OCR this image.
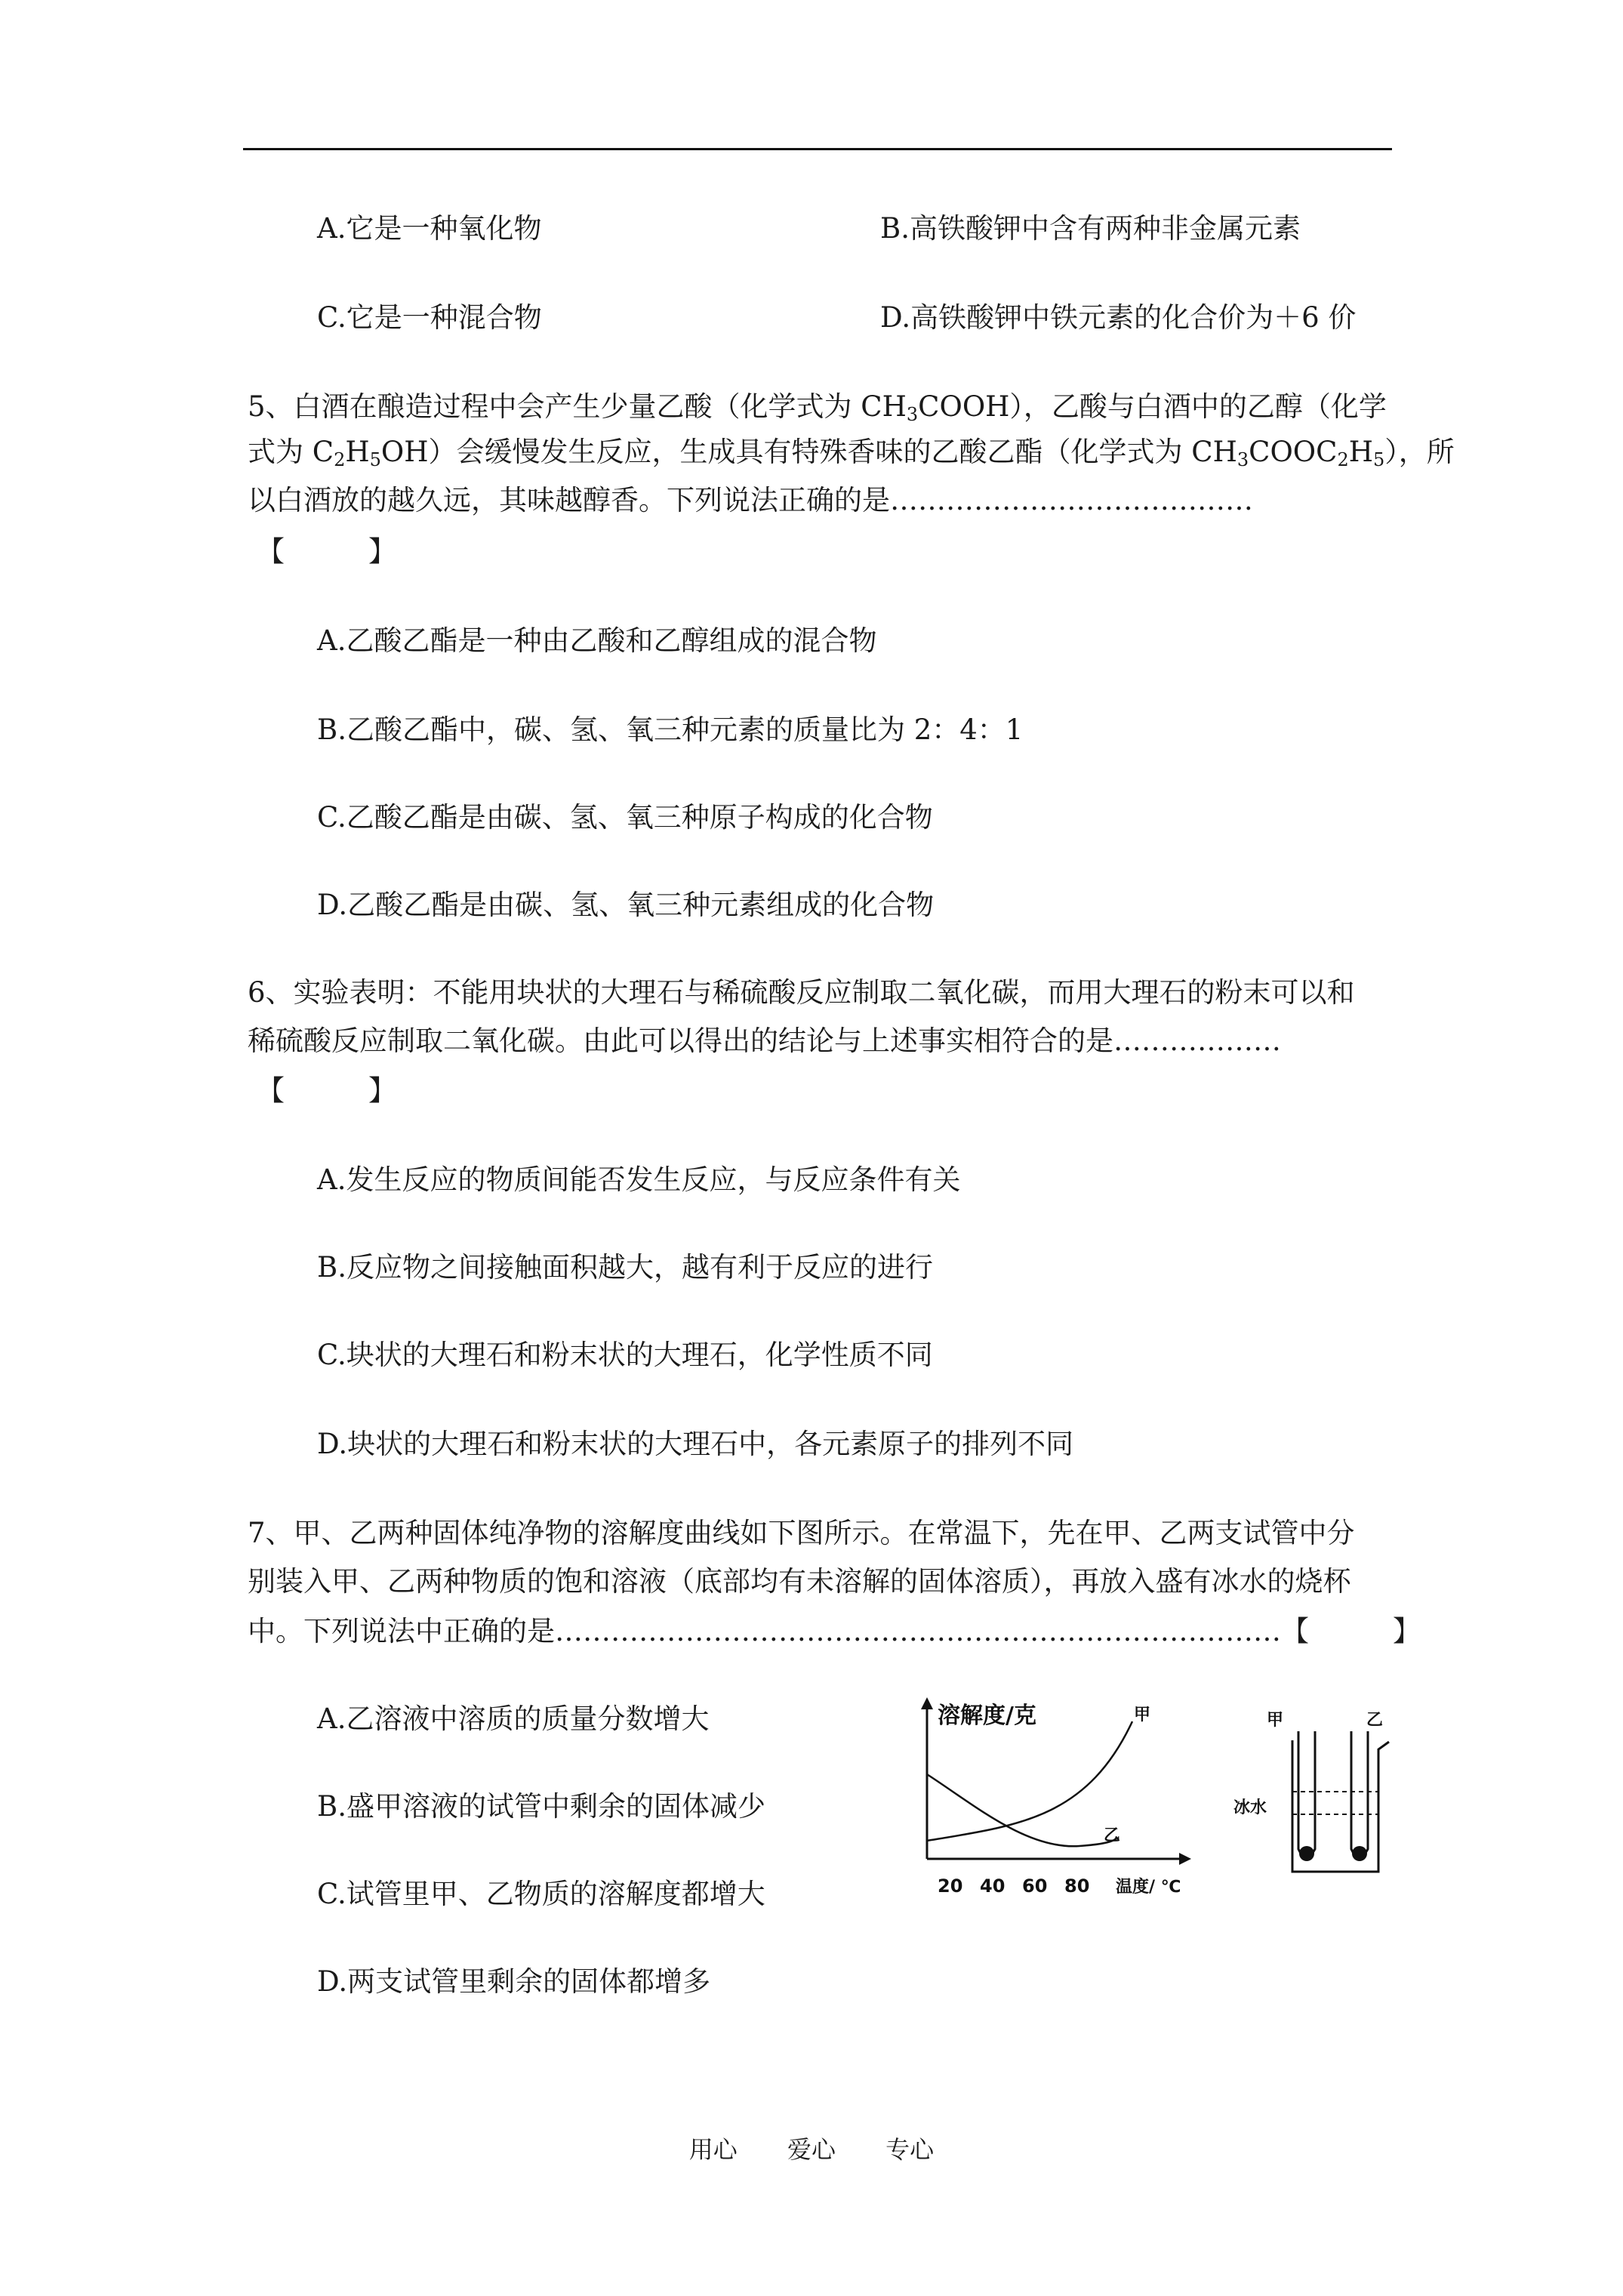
A.它是一种氧化物	B.高铁酸钾中含有两种非金属元素
C.它是一种混合物	D.高铁酸钾中铁元素的化合价为＋6 价
5、白酒在酿造过程中会产生少量乙酸（化学式为 $CH_3COOH$），乙酸与白酒中的乙醇（化学
式为 $C_2H_5OH$）会缓慢发生反应，生成具有特殊香味的乙酸乙酯（化学式为 $CH_3COOC_2H_5$），所
以白酒放的越久远，其味越醇香。下列说法正确的是…………………………………
【　　　】
A.乙酸乙酯是一种由乙酸和乙醇组成的混合物
B.乙酸乙酯中，碳、氢、氧三种元素的质量比为 2：4：1
C.乙酸乙酯是由碳、氢、氧三种原子构成的化合物
D.乙酸乙酯是由碳、氢、氧三种元素组成的化合物
6、实验表明：不能用块状的大理石与稀硫酸反应制取二氧化碳，而用大理石的粉末可以和
稀硫酸反应制取二氧化碳。由此可以得出的结论与上述事实相符合的是………………
【　　　】
A.发生反应的物质间能否发生反应，与反应条件有关
B.反应物之间接触面积越大，越有利于反应的进行
C.块状的大理石和粉末状的大理石，化学性质不同
D.块状的大理石和粉末状的大理石中，各元素原子的排列不同
7、甲、乙两种固体纯净物的溶解度曲线如下图所示。在常温下，先在甲、乙两支试管中分
别装入甲、乙两种物质的饱和溶液（底部均有未溶解的固体溶质），再放入盛有冰水的烧杯
中。下列说法中正确的是……………………………………………………………………【　　　】
A.乙溶液中溶质的质量分数增大
B.盛甲溶液的试管中剩余的固体减少
C.试管里甲、乙物质的溶解度都增大
D.两支试管里剩余的固体都增多
溶解度/克	甲
乙
20 40 60 80 温度/ ℃
甲	乙
冰水
用心 爱心 专心
